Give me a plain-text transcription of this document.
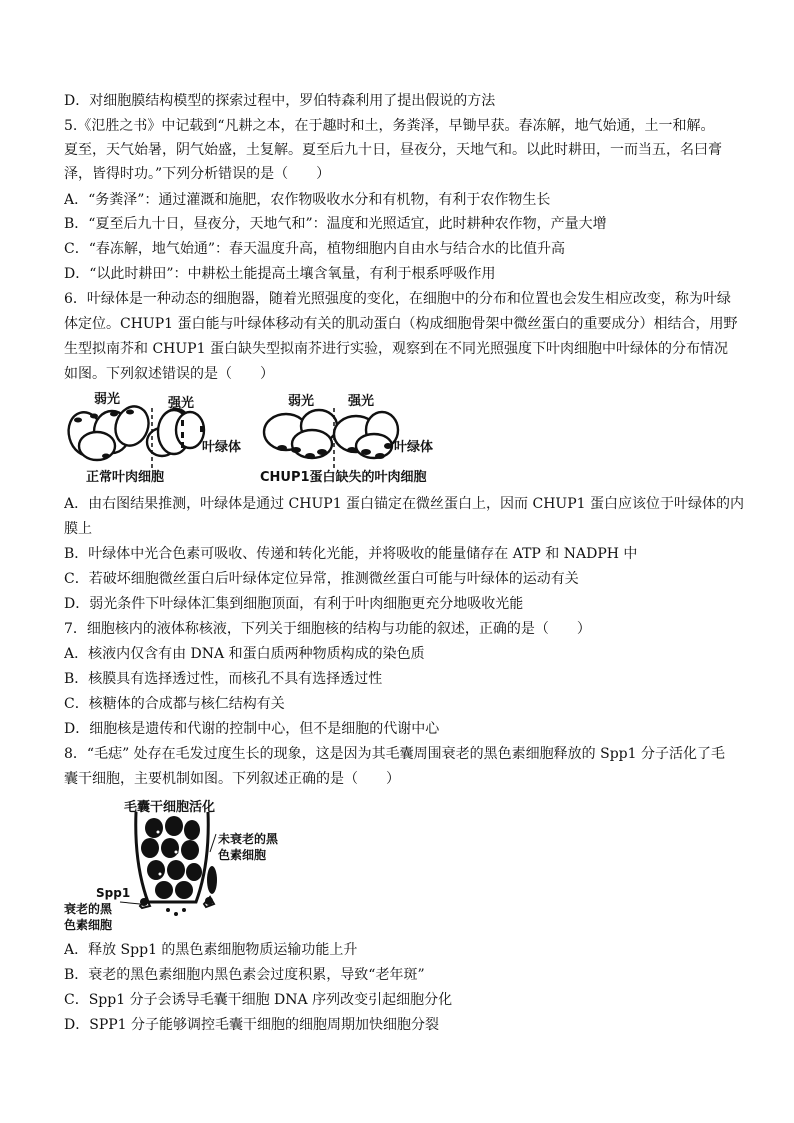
D．对细胞膜结构模型的探索过程中，罗伯特森利用了提出假说的方法
5.《氾胜之书》中记载到“凡耕之本，在于趣时和土，务粪泽，早锄早获。春冻解，地气始通，土一和解。
夏至，天气始暑，阴气始盛，土复解。夏至后九十日，昼夜分，天地气和。以此时耕田，一而当五，名曰膏
泽，皆得时功。”下列分析错误的是（　　）
A．“务粪泽”：通过灌溉和施肥，农作物吸收水分和有机物，有利于农作物生长
B．“夏至后九十日，昼夜分，天地气和”：温度和光照适宜，此时耕种农作物，产量大增
C．“春冻解，地气始通”：春天温度升高，植物细胞内自由水与结合水的比值升高
D．“以此时耕田”：中耕松土能提高土壤含氧量，有利于根系呼吸作用
6．叶绿体是一种动态的细胞器，随着光照强度的变化，在细胞中的分布和位置也会发生相应改变，称为叶绿
体定位。CHUP1 蛋白能与叶绿体移动有关的肌动蛋白（构成细胞骨架中微丝蛋白的重要成分）相结合，用野
生型拟南芥和 CHUP1 蛋白缺失型拟南芥进行实验，观察到在不同光照强度下叶肉细胞中叶绿体的分布情况
如图。下列叙述错误的是（　　）
弱光	强光
叶绿体
正常叶肉细胞
弱光	强光
叶绿体
CHUP1蛋白缺失的叶肉细胞
A．由右图结果推测，叶绿体是通过 CHUP1 蛋白锚定在微丝蛋白上，因而 CHUP1 蛋白应该位于叶绿体的内
膜上
B．叶绿体中光合色素可吸收、传递和转化光能，并将吸收的能量储存在 ATP 和 NADPH 中
C．若破坏细胞微丝蛋白后叶绿体定位异常，推测微丝蛋白可能与叶绿体的运动有关
D．弱光条件下叶绿体汇集到细胞顶面，有利于叶肉细胞更充分地吸收光能
7．细胞核内的液体称核液，下列关于细胞核的结构与功能的叙述，正确的是（　　）
A．核液内仅含有由 DNA 和蛋白质两种物质构成的染色质
B．核膜具有选择透过性，而核孔不具有选择透过性
C．核糖体的合成都与核仁结构有关
D．细胞核是遗传和代谢的控制中心，但不是细胞的代谢中心
8．“毛痣” 处存在毛发过度生长的现象，这是因为其毛囊周围衰老的黑色素细胞释放的 Spp1 分子活化了毛
囊干细胞，主要机制如图。下列叙述正确的是（　　）
毛囊干细胞活化
未衰老的黑
色素细胞
Spp1
衰老的黑
色素细胞
A．释放 Spp1 的黑色素细胞物质运输功能上升
B．衰老的黑色素细胞内黑色素会过度积累，导致“老年斑”
C．Spp1 分子会诱导毛囊干细胞 DNA 序列改变引起细胞分化
D．SPP1 分子能够调控毛囊干细胞的细胞周期加快细胞分裂
